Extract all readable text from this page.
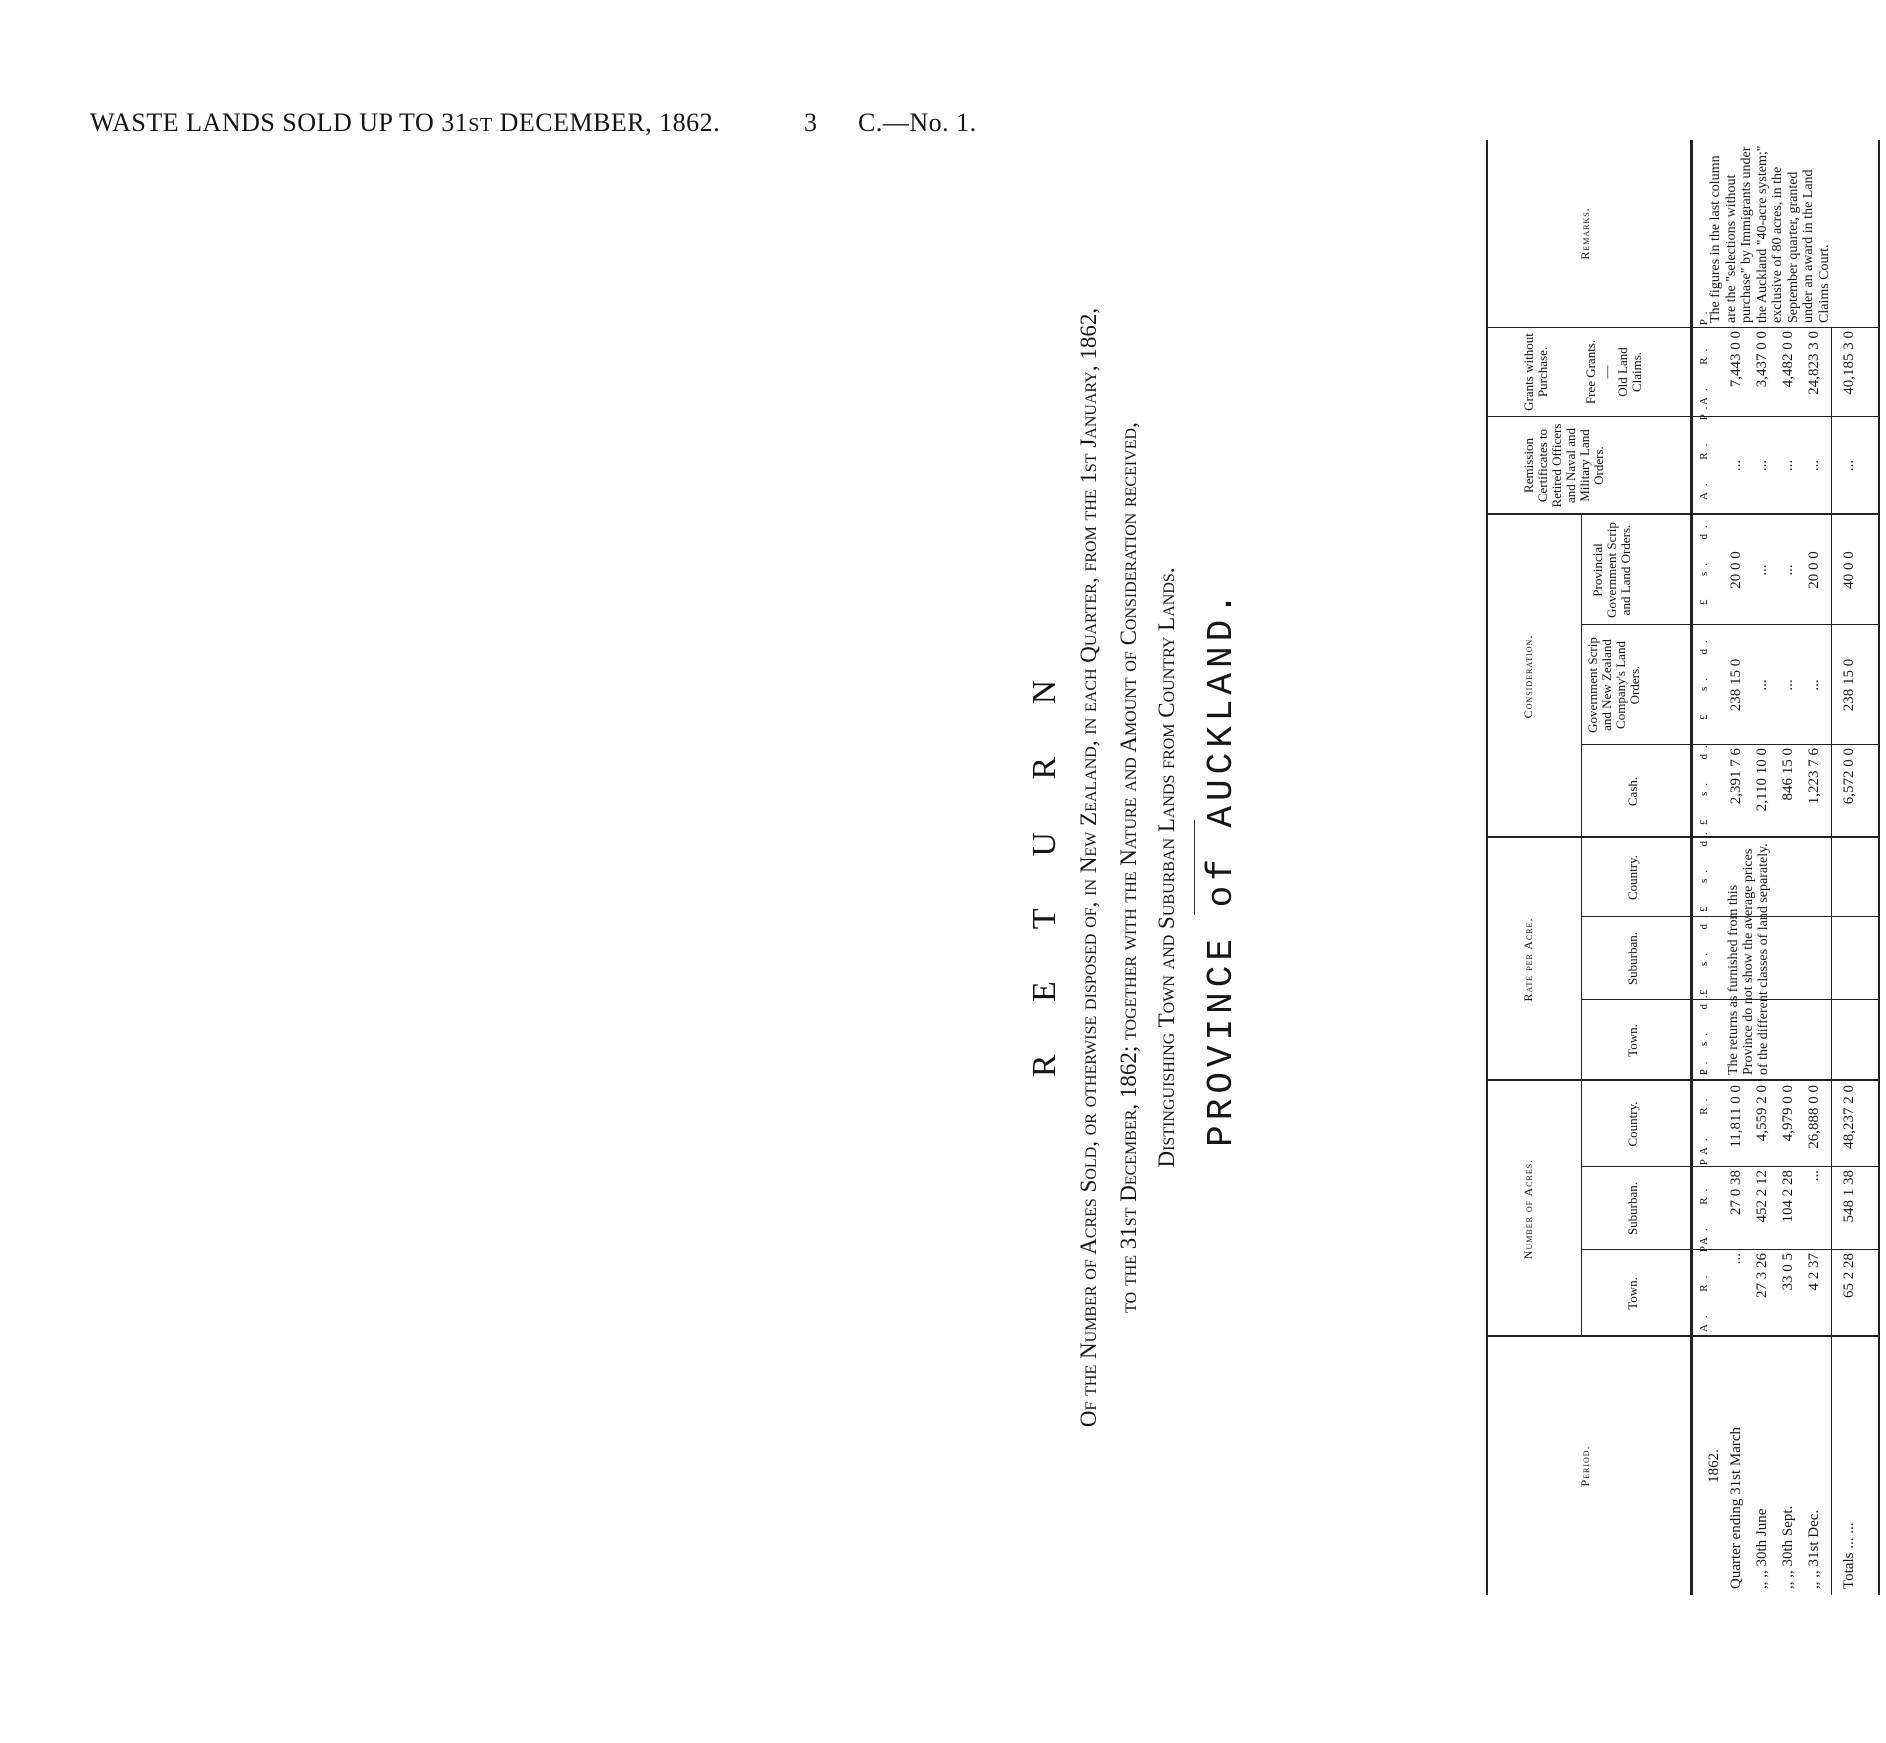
WASTE LANDS SOLD UP TO 31ST DECEMBER, 1862.	3 C.—No. 1.
R E T U R N Of the Number of Acres Sold, or otherwise disposed of, in New Zealand, in each Quarter, from the 1st January, 1862, to the 31st December, 1862; together with the Nature and Amount of Consideration received, Distinguishing Town and Suburban Lands from Country Lands. PROVINCE of AUCKLAND.
Period.
Number of Acres.
Town.
Suburban.
Country.
Rate per Acre.
Town.
Suburban.
Country.
Consideration.
Cash.
Government Scrip and New Zealand Company's Land Orders.
Provincial Government Scrip and Land Orders.
Remission Certificates to Retired Officers and Naval and Military Land Orders.
Grants without Purchase.	Free Grants. — Old Land Claims.
Remarks.
A.  R.  P.
A.  R.  P.
A.  R.  P.
£  s.  d.
£  s.  d.
£  s.  d.
£  s.  d.
£  s.  d.
£  s.  d.
A.  R.  P.
A.  R.  P.
1862. Quarter ending 31st March ,, ,, 30th June ,, ,, 30th Sept. ,, ,, 31st Dec.
... 27 3 26 33 0 5 4 2 37
27 0 38 452 2 12 104 2 28 ...
11,811 0 0 4,559 2 0 4,979 0 0 26,888 0 0
The returns as furnished from this Province do not show the average prices of the different classes of land separately.
2,391 7 6 2,110 10 0 846 15 0 1,223 7 6
238 15 0 ... ... ...
20 0 0 ... ... 20 0 0
... ... ... ...
7,443 0 0 3,437 0 0 4,482 0 0 24,823 3 0
The figures in the last column are the "selections without purchase" by Immigrants under the Auckland "40-acre system;" exclusive of 80 acres, in the September quarter, granted under an award in the Land Claims Court.
Totals ... ...
65 2 28
548 1 38
48,237 2 0
6,572 0 0
238 15 0
40 0 0
...
40,185 3 0
